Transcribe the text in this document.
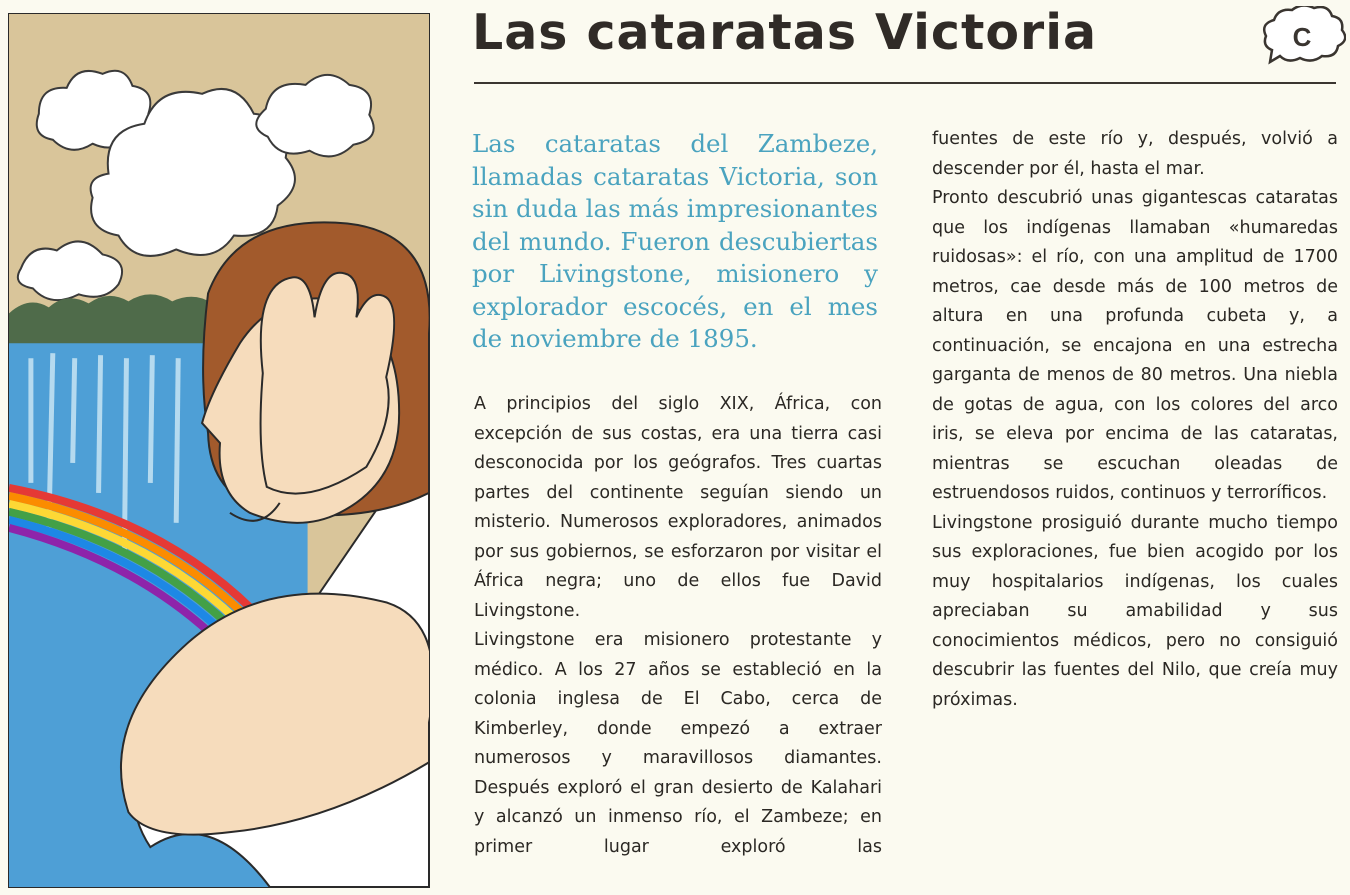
Las cataratas Victoria	C

Las cataratas del Zambeze, llamadas cataratas Victoria, son sin duda las más impresionantes del mundo. Fueron descubiertas por Livingstone, misionero y explorador escocés, en el mes de noviembre de 1895.

A principios del siglo XIX, África, con excepción de sus costas, era una tierra casi desconocida por los geógrafos. Tres cuartas partes del continente seguían siendo un misterio. Numerosos exploradores, animados por sus gobiernos, se esforzaron por visitar el África negra; uno de ellos fue David Livingstone.

Livingstone era misionero protestante y médico. A los 27 años se estableció en la colonia inglesa de El Cabo, cerca de Kimberley, donde empezó a extraer numerosos y maravillosos diamantes. Después exploró el gran desierto de Kalahari y alcanzó un inmenso río, el Zambeze; en primer lugar exploró las

fuentes de este río y, después, volvió a descender por él, hasta el mar.

Pronto descubrió unas gigantescas cataratas que los indígenas llamaban «humaredas ruidosas»: el río, con una amplitud de 1700 metros, cae desde más de 100 metros de altura en una profunda cubeta y, a continuación, se encajona en una estrecha garganta de menos de 80 metros. Una niebla de gotas de agua, con los colores del arco iris, se eleva por encima de las cataratas, mientras se escuchan oleadas de estruendosos ruidos, continuos y terroríficos.

Livingstone prosiguió durante mucho tiempo sus exploraciones, fue bien acogido por los muy hospitalarios indígenas, los cuales apreciaban su amabilidad y sus conocimientos médicos, pero no consiguió descubrir las fuentes del Nilo, que creía muy próximas.
